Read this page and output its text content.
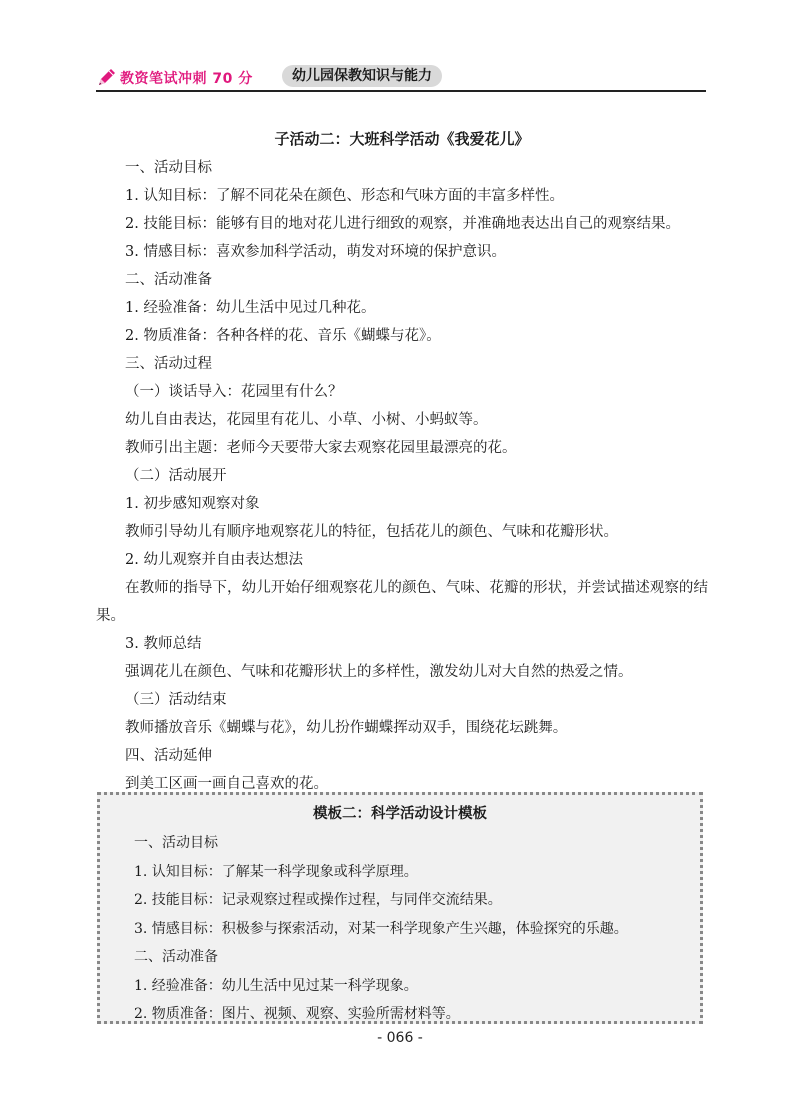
教资笔试冲刺 70 分	幼儿园保教知识与能力
子活动二：大班科学活动《我爱花儿》
一、活动目标
1. 认知目标：了解不同花朵在颜色、形态和气味方面的丰富多样性。
2. 技能目标：能够有目的地对花儿进行细致的观察，并准确地表达出自己的观察结果。
3. 情感目标：喜欢参加科学活动，萌发对环境的保护意识。
二、活动准备
1. 经验准备：幼儿生活中见过几种花。
2. 物质准备：各种各样的花、音乐《蝴蝶与花》。
三、活动过程
（一）谈话导入：花园里有什么？
幼儿自由表达，花园里有花儿、小草、小树、小蚂蚁等。
教师引出主题：老师今天要带大家去观察花园里最漂亮的花。
（二）活动展开
1. 初步感知观察对象
教师引导幼儿有顺序地观察花儿的特征，包括花儿的颜色、气味和花瓣形状。
2. 幼儿观察并自由表达想法
在教师的指导下，幼儿开始仔细观察花儿的颜色、气味、花瓣的形状，并尝试描述观察的结果。
3. 教师总结
强调花儿在颜色、气味和花瓣形状上的多样性，激发幼儿对大自然的热爱之情。
（三）活动结束
教师播放音乐《蝴蝶与花》，幼儿扮作蝴蝶挥动双手，围绕花坛跳舞。
四、活动延伸
到美工区画一画自己喜欢的花。
模板二：科学活动设计模板
一、活动目标
1. 认知目标：了解某一科学现象或科学原理。
2. 技能目标：记录观察过程或操作过程，与同伴交流结果。
3. 情感目标：积极参与探索活动，对某一科学现象产生兴趣，体验探究的乐趣。
二、活动准备
1. 经验准备：幼儿生活中见过某一科学现象。
2. 物质准备：图片、视频、观察、实验所需材料等。
- 066 -
